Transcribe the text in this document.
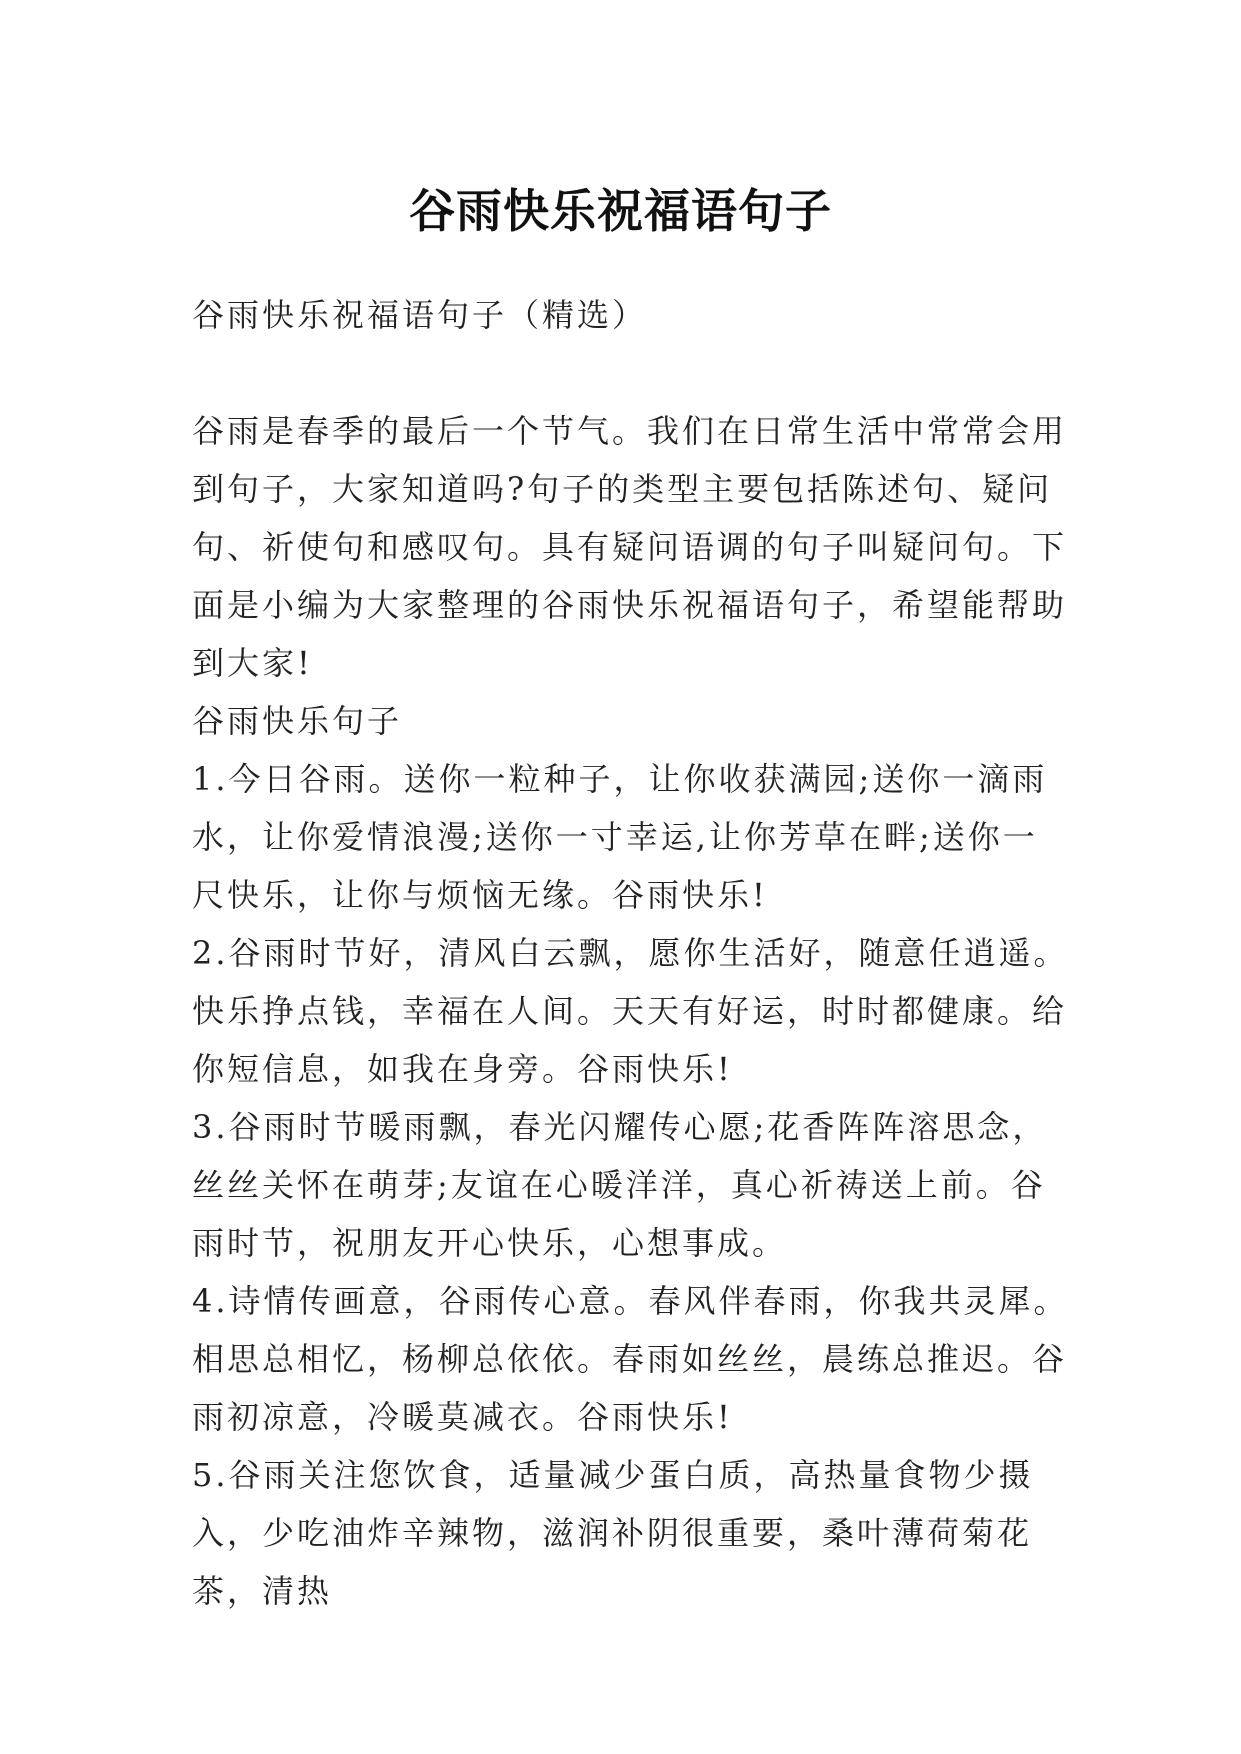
谷雨快乐祝福语句子

谷雨快乐祝福语句子（精选）

谷雨是春季的最后一个节气。我们在日常生活中常常会用到句子，大家知道吗?句子的类型主要包括陈述句、疑问句、祈使句和感叹句。具有疑问语调的句子叫疑问句。下面是小编为大家整理的谷雨快乐祝福语句子，希望能帮助到大家!

谷雨快乐句子
1.今日谷雨。送你一粒种子，让你收获满园;送你一滴雨水，让你爱情浪漫;送你一寸幸运,让你芳草在畔;送你一尺快乐，让你与烦恼无缘。谷雨快乐!
2.谷雨时节好，清风白云飘，愿你生活好，随意任逍遥。快乐挣点钱，幸福在人间。天天有好运，时时都健康。给你短信息，如我在身旁。谷雨快乐!
3.谷雨时节暖雨飘，春光闪耀传心愿;花香阵阵溶思念，丝丝关怀在萌芽;友谊在心暖洋洋，真心祈祷送上前。谷雨时节，祝朋友开心快乐，心想事成。
4.诗情传画意，谷雨传心意。春风伴春雨，你我共灵犀。相思总相忆，杨柳总依依。春雨如丝丝，晨练总推迟。谷雨初凉意，冷暖莫减衣。谷雨快乐!
5.谷雨关注您饮食，适量减少蛋白质，高热量食物少摄入，少吃油炸辛辣物，滋润补阴很重要，桑叶薄荷菊花茶，清热
